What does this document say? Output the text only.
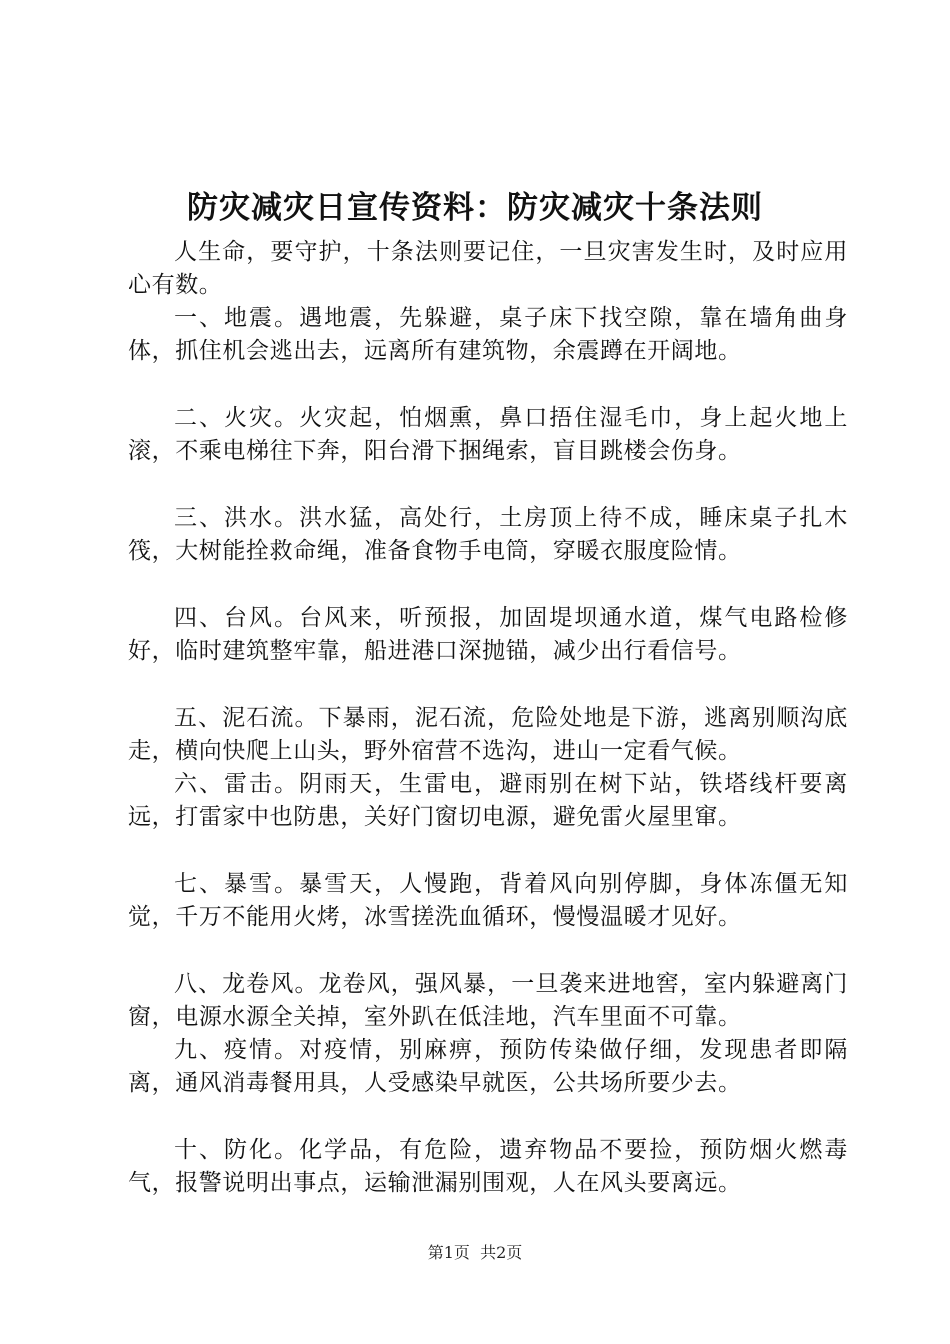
防灾减灾日宣传资料：防灾减灾十条法则

人生命，要守护，十条法则要记住，一旦灾害发生时，及时应用心有数。

一、地震。遇地震，先躲避，桌子床下找空隙，靠在墙角曲身体，抓住机会逃出去，远离所有建筑物，余震蹲在开阔地。

二、火灾。火灾起，怕烟熏，鼻口捂住湿毛巾，身上起火地上滚，不乘电梯往下奔，阳台滑下捆绳索，盲目跳楼会伤身。

三、洪水。洪水猛，高处行，土房顶上待不成，睡床桌子扎木筏，大树能拴救命绳，准备食物手电筒，穿暖衣服度险情。

四、台风。台风来，听预报，加固堤坝通水道，煤气电路检修好，临时建筑整牢靠，船进港口深抛锚，减少出行看信号。

五、泥石流。下暴雨，泥石流，危险处地是下游，逃离别顺沟底走，横向快爬上山头，野外宿营不选沟，进山一定看气候。

六、雷击。阴雨天，生雷电，避雨别在树下站，铁塔线杆要离远，打雷家中也防患，关好门窗切电源，避免雷火屋里窜。

七、暴雪。暴雪天，人慢跑，背着风向别停脚，身体冻僵无知觉，千万不能用火烤，冰雪搓洗血循环，慢慢温暖才见好。

八、龙卷风。龙卷风，强风暴，一旦袭来进地窖，室内躲避离门窗，电源水源全关掉，室外趴在低洼地，汽车里面不可靠。

九、疫情。对疫情，别麻痹，预防传染做仔细，发现患者即隔离，通风消毒餐用具，人受感染早就医，公共场所要少去。

十、防化。化学品，有危险，遗弃物品不要捡，预防烟火燃毒气，报警说明出事点，运输泄漏别围观，人在风头要离远。

第1页 共2页
